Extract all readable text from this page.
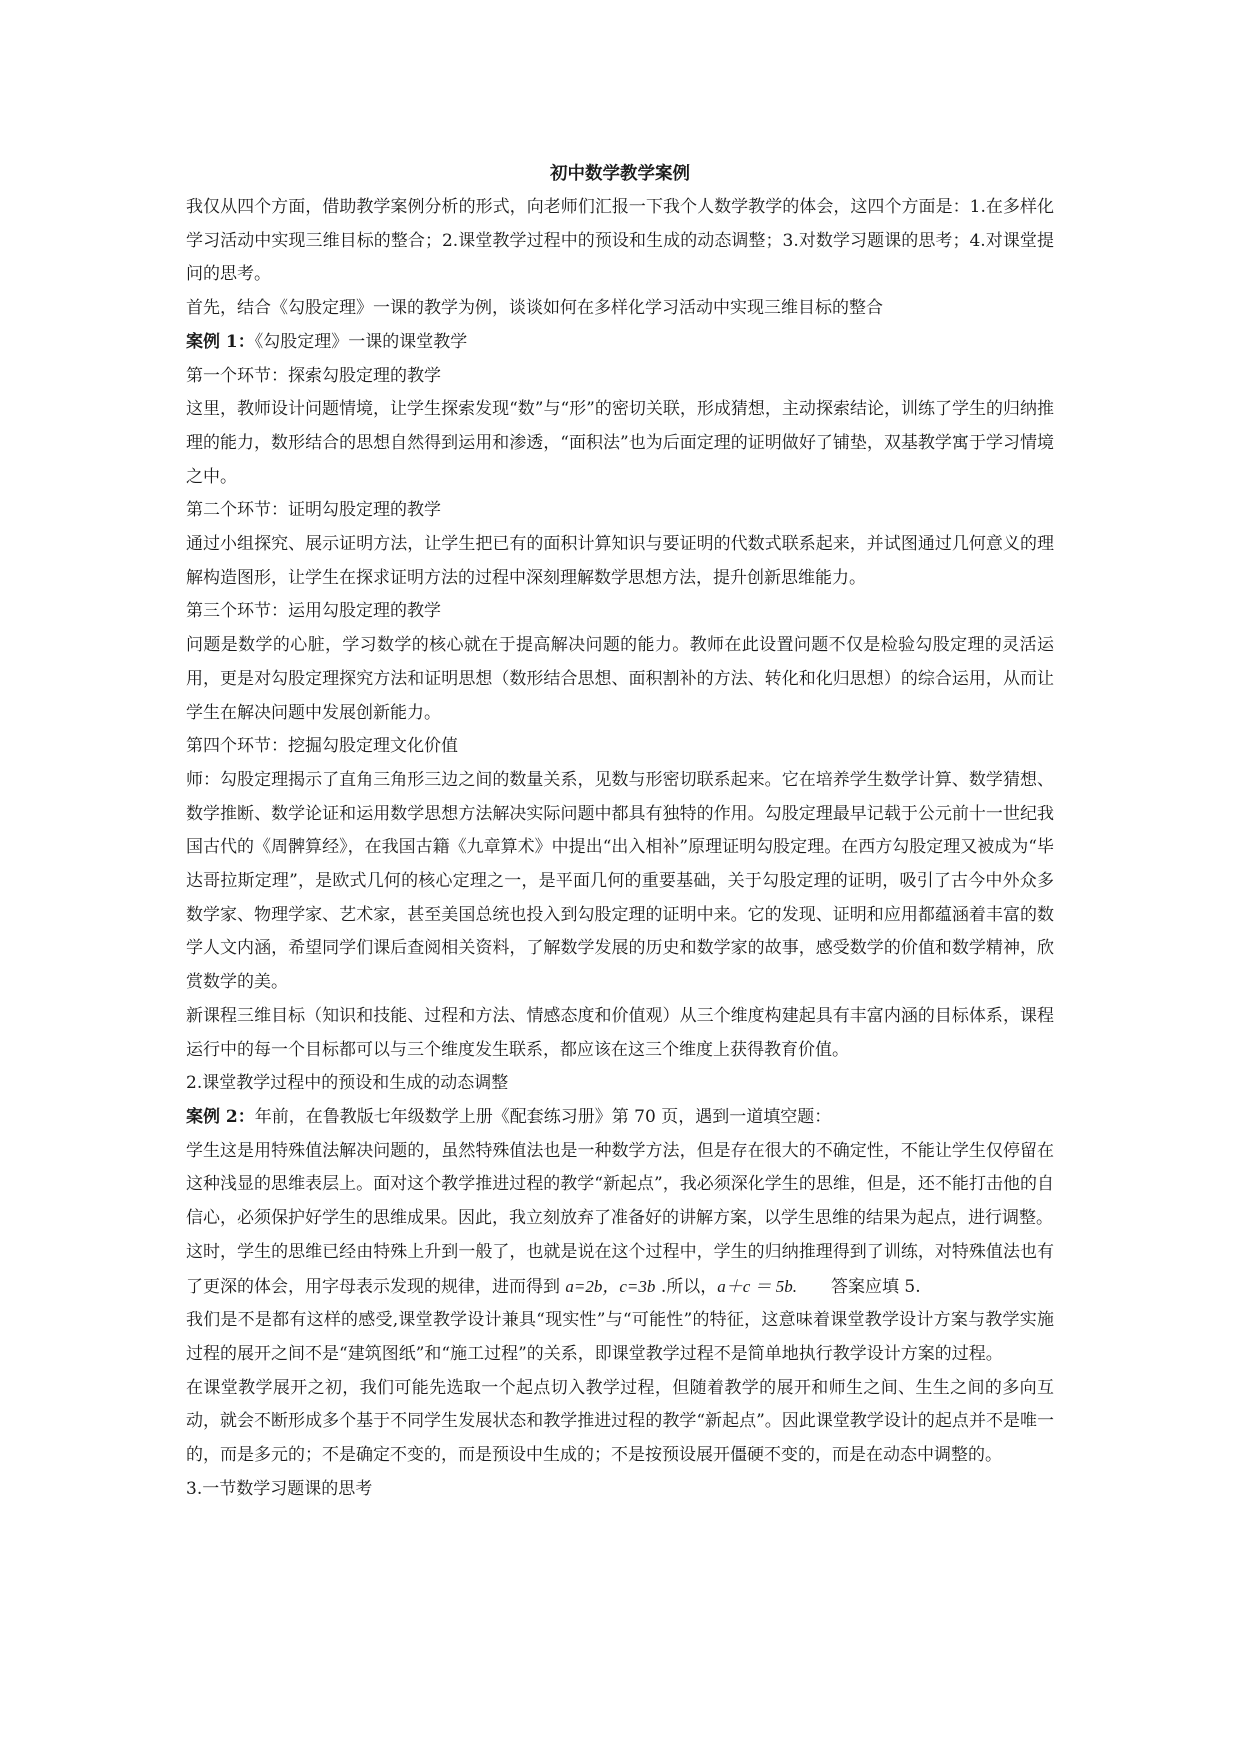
初中数学教学案例

我仅从四个方面，借助教学案例分析的形式，向老师们汇报一下我个人数学教学的体会，这四个方面是：1.在多样化学习活动中实现三维目标的整合；2.课堂教学过程中的预设和生成的动态调整；3.对数学习题课的思考；4.对课堂提问的思考。

首先，结合《勾股定理》一课的教学为例，谈谈如何在多样化学习活动中实现三维目标的整合

案例 1：《勾股定理》一课的课堂教学

第一个环节：探索勾股定理的教学

这里，教师设计问题情境，让学生探索发现“数”与“形”的密切关联，形成猜想，主动探索结论，训练了学生的归纳推理的能力，数形结合的思想自然得到运用和渗透，“面积法”也为后面定理的证明做好了铺垫，双基教学寓于学习情境之中。

第二个环节：证明勾股定理的教学

通过小组探究、展示证明方法，让学生把已有的面积计算知识与要证明的代数式联系起来，并试图通过几何意义的理解构造图形，让学生在探求证明方法的过程中深刻理解数学思想方法，提升创新思维能力。

第三个环节：运用勾股定理的教学

问题是数学的心脏，学习数学的核心就在于提高解决问题的能力。教师在此设置问题不仅是检验勾股定理的灵活运用，更是对勾股定理探究方法和证明思想（数形结合思想、面积割补的方法、转化和化归思想）的综合运用，从而让学生在解决问题中发展创新能力。

第四个环节：挖掘勾股定理文化价值

师：勾股定理揭示了直角三角形三边之间的数量关系，见数与形密切联系起来。它在培养学生数学计算、数学猜想、数学推断、数学论证和运用数学思想方法解决实际问题中都具有独特的作用。勾股定理最早记载于公元前十一世纪我国古代的《周髀算经》，在我国古籍《九章算术》中提出“出入相补”原理证明勾股定理。在西方勾股定理又被成为“毕达哥拉斯定理”，是欧式几何的核心定理之一，是平面几何的重要基础，关于勾股定理的证明，吸引了古今中外众多数学家、物理学家、艺术家，甚至美国总统也投入到勾股定理的证明中来。它的发现、证明和应用都蕴涵着丰富的数学人文内涵，希望同学们课后查阅相关资料，了解数学发展的历史和数学家的故事，感受数学的价值和数学精神，欣赏数学的美。

新课程三维目标（知识和技能、过程和方法、情感态度和价值观）从三个维度构建起具有丰富内涵的目标体系，课程运行中的每一个目标都可以与三个维度发生联系，都应该在这三个维度上获得教育价值。

2.课堂教学过程中的预设和生成的动态调整

案例 2：年前，在鲁教版七年级数学上册《配套练习册》第 70 页，遇到一道填空题：

学生这是用特殊值法解决问题的，虽然特殊值法也是一种数学方法，但是存在很大的不确定性，不能让学生仅停留在这种浅显的思维表层上。面对这个教学推进过程的教学“新起点”，我必须深化学生的思维，但是，还不能打击他的自信心，必须保护好学生的思维成果。因此，我立刻放弃了准备好的讲解方案，以学生思维的结果为起点，进行调整。

这时，学生的思维已经由特殊上升到一般了，也就是说在这个过程中，学生的归纳推理得到了训练，对特殊值法也有了更深的体会，用字母表示发现的规律，进而得到 a=2b，c=3b .所以，a＋c ＝ 5b.   答案应填 5.

我们是不是都有这样的感受,课堂教学设计兼具“现实性”与“可能性”的特征，这意味着课堂教学设计方案与教学实施过程的展开之间不是“建筑图纸”和“施工过程”的关系，即课堂教学过程不是简单地执行教学设计方案的过程。

在课堂教学展开之初，我们可能先选取一个起点切入教学过程，但随着教学的展开和师生之间、生生之间的多向互动，就会不断形成多个基于不同学生发展状态和教学推进过程的教学“新起点”。因此课堂教学设计的起点并不是唯一的，而是多元的；不是确定不变的，而是预设中生成的；不是按预设展开僵硬不变的，而是在动态中调整的。

3.一节数学习题课的思考
